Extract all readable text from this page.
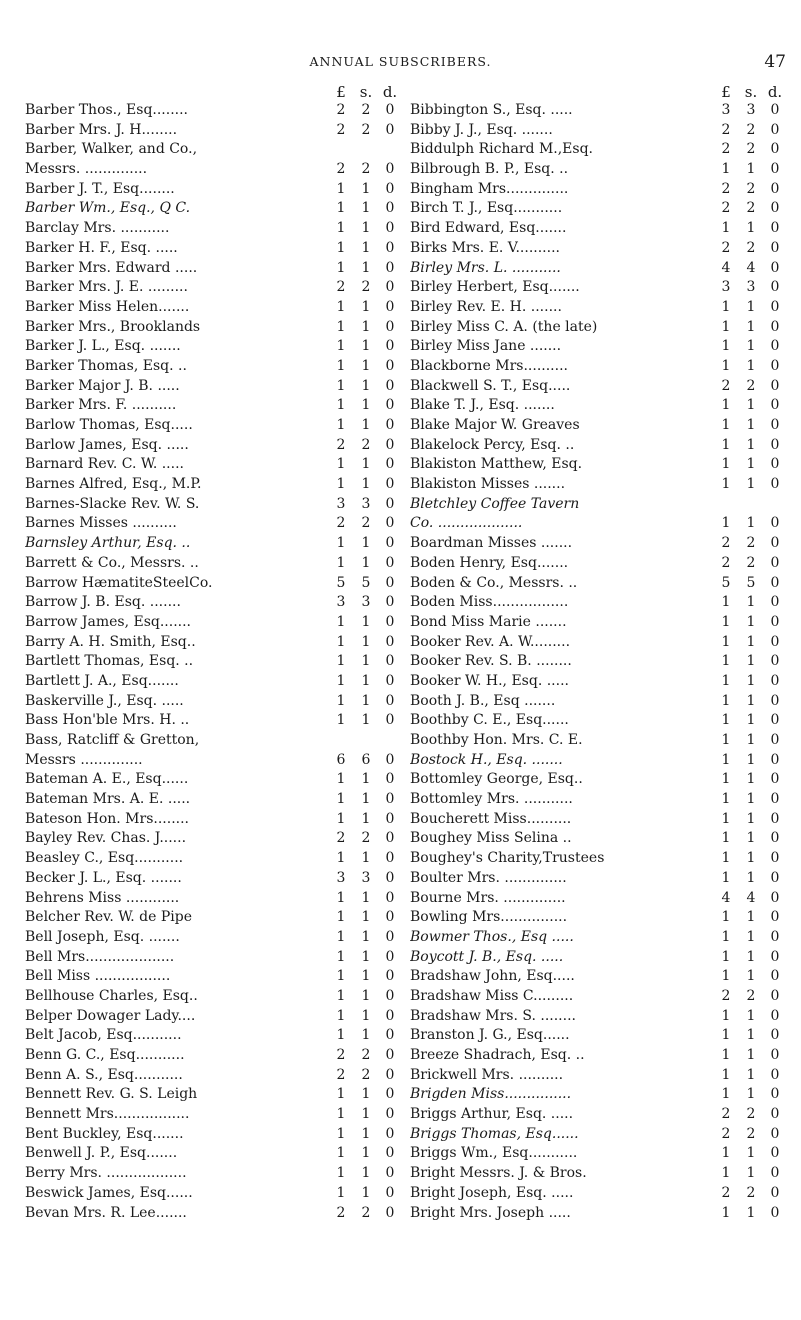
ANNUAL SUBSCRIBERS.	47
£ s. d.
Barber Thos., Esq........	2	2	0
Barber Mrs. J. H........	2	2	0
Barber, Walker, and Co.,
Messrs. ..............	2	2	0
Barber J. T., Esq........	1	1	0
Barber Wm., Esq., Q C.	1	1	0
Barclay Mrs. ...........	1	1	0
Barker H. F., Esq. .....	1	1	0
Barker Mrs. Edward .....	1	1	0
Barker Mrs. J. E. .........	2	2	0
Barker Miss Helen.......	1	1	0
Barker Mrs., Brooklands	1	1	0
Barker J. L., Esq. .......	1	1	0
Barker Thomas, Esq. ..	1	1	0
Barker Major J. B. .....	1	1	0
Barker Mrs. F. ..........	1	1	0
Barlow Thomas, Esq.....	1	1	0
Barlow James, Esq. .....	2	2	0
Barnard Rev. C. W. .....	1	1	0
Barnes Alfred, Esq., M.P.	1	1	0
Barnes-Slacke Rev. W. S.	3	3	0
Barnes Misses ..........	2	2	0
Barnsley Arthur, Esq. ..	1	1	0
Barrett & Co., Messrs. ..	1	1	0
Barrow HæmatiteSteelCo.	5	5	0
Barrow J. B. Esq. .......	3	3	0
Barrow James, Esq.......	1	1	0
Barry A. H. Smith, Esq..	1	1	0
Bartlett Thomas, Esq. ..	1	1	0
Bartlett J. A., Esq.......	1	1	0
Baskerville J., Esq. .....	1	1	0
Bass Hon'ble Mrs. H. ..	1	1	0
Bass, Ratcliff & Gretton,
Messrs ..............	6	6	0
Bateman A. E., Esq......	1	1	0
Bateman Mrs. A. E. .....	1	1	0
Bateson Hon. Mrs........	1	1	0
Bayley Rev. Chas. J......	2	2	0
Beasley C., Esq...........	1	1	0
Becker J. L., Esq. .......	3	3	0
Behrens Miss ............	1	1	0
Belcher Rev. W. de Pipe	1	1	0
Bell Joseph, Esq. .......	1	1	0
Bell Mrs....................	1	1	0
Bell Miss .................	1	1	0
Bellhouse Charles, Esq..	1	1	0
Belper Dowager Lady....	1	1	0
Belt Jacob, Esq...........	1	1	0
Benn G. C., Esq...........	2	2	0
Benn A. S., Esq...........	2	2	0
Bennett Rev. G. S. Leigh	1	1	0
Bennett Mrs.................	1	1	0
Bent Buckley, Esq.......	1	1	0
Benwell J. P., Esq.......	1	1	0
Berry Mrs. ..................	1	1	0
Beswick James, Esq......	1	1	0
Bevan Mrs. R. Lee.......	2	2	0
£ s. d.
Bibbington S., Esq. .....	3	3	0
Bibby J. J., Esq. .......	2	2	0
Biddulph Richard M.,Esq.	2	2	0
Bilbrough B. P., Esq. ..	1	1	0
Bingham Mrs..............	2	2	0
Birch T. J., Esq...........	2	2	0
Bird Edward, Esq.......	1	1	0
Birks Mrs. E. V..........	2	2	0
Birley Mrs. L. ...........	4	4	0
Birley Herbert, Esq.......	3	3	0
Birley Rev. E. H. .......	1	1	0
Birley Miss C. A. (the late)	1	1	0
Birley Miss Jane .......	1	1	0
Blackborne Mrs..........	1	1	0
Blackwell S. T., Esq.....	2	2	0
Blake T. J., Esq. .......	1	1	0
Blake Major W. Greaves	1	1	0
Blakelock Percy, Esq. ..	1	1	0
Blakiston Matthew, Esq.	1	1	0
Blakiston Misses .......	1	1	0
Bletchley Coffee Tavern
Co. ...................	1	1	0
Boardman Misses .......	2	2	0
Boden Henry, Esq.......	2	2	0
Boden & Co., Messrs. ..	5	5	0
Boden Miss.................	1	1	0
Bond Miss Marie .......	1	1	0
Booker Rev. A. W.........	1	1	0
Booker Rev. S. B. ........	1	1	0
Booker W. H., Esq. .....	1	1	0
Booth J. B., Esq .......	1	1	0
Boothby C. E., Esq......	1	1	0
Boothby Hon. Mrs. C. E.	1	1	0
Bostock H., Esq. .......	1	1	0
Bottomley George, Esq..	1	1	0
Bottomley Mrs. ...........	1	1	0
Boucherett Miss..........	1	1	0
Boughey Miss Selina ..	1	1	0
Boughey's Charity,Trustees	1	1	0
Boulter Mrs. ..............	1	1	0
Bourne Mrs. ..............	4	4	0
Bowling Mrs...............	1	1	0
Bowmer Thos., Esq .....	1	1	0
Boycott J. B., Esq. .....	1	1	0
Bradshaw John, Esq.....	1	1	0
Bradshaw Miss C.........	2	2	0
Bradshaw Mrs. S. ........	1	1	0
Branston J. G., Esq......	1	1	0
Breeze Shadrach, Esq. ..	1	1	0
Brickwell Mrs. ..........	1	1	0
Brigden Miss...............	1	1	0
Briggs Arthur, Esq. .....	2	2	0
Briggs Thomas, Esq......	2	2	0
Briggs Wm., Esq...........	1	1	0
Bright Messrs. J. & Bros.	1	1	0
Bright Joseph, Esq. .....	2	2	0
Bright Mrs. Joseph .....	1	1	0
